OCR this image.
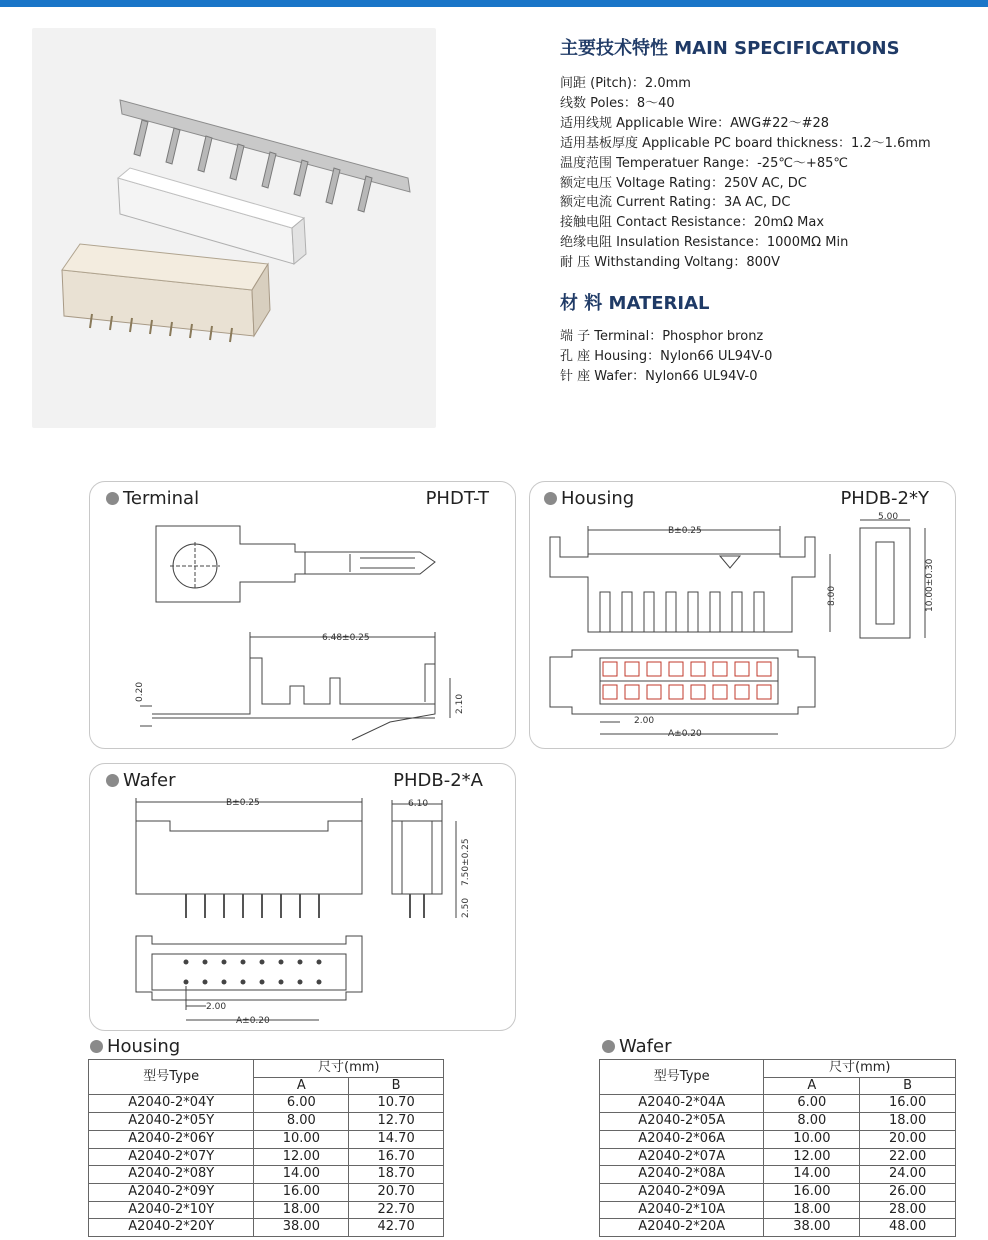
主要技术特性 MAIN SPECIFICATIONS
间距 (Pitch)：2.0mm
线数 Poles：8～40
适用线规 Applicable Wire：AWG#22～#28
适用基板厚度 Applicable PC board thickness：1.2～1.6mm
温度范围 Temperatuer Range：-25℃～+85℃
额定电压 Voltage Rating：250V AC, DC
额定电流 Current Rating：3A AC, DC
接触电阻 Contact Resistance：20mΩ Max
绝缘电阻 Insulation Resistance：1000MΩ Min
耐 压 Withstanding Voltang：800V
材 料 MATERIAL
端 子 Terminal：Phosphor bronz
孔 座 Housing：Nylon66 UL94V-0
针 座 Wafer：Nylon66 UL94V-0
Terminal	PHDT-T
6.48±0.25
0.20
2.10
Housing	PHDB-2*Y
B±0.25
5.00
8.00	10.00±0.30
2.00
A±0.20
Wafer	PHDB-2*A
B±0.25	6.10
7.50±0.25
2.50
2.00
A±0.20
Housing
型号Type	尺寸(mm)	
	A	B
A2040-2*04Y	6.00	10.70
A2040-2*05Y	8.00	12.70
A2040-2*06Y	10.00	14.70
A2040-2*07Y	12.00	16.70
A2040-2*08Y	14.00	18.70
A2040-2*09Y	16.00	20.70
A2040-2*10Y	18.00	22.70
A2040-2*20Y	38.00	42.70
Wafer
型号Type	尺寸(mm)	
	A	B
A2040-2*04A	6.00	16.00
A2040-2*05A	8.00	18.00
A2040-2*06A	10.00	20.00
A2040-2*07A	12.00	22.00
A2040-2*08A	14.00	24.00
A2040-2*09A	16.00	26.00
A2040-2*10A	18.00	28.00
A2040-2*20A	38.00	48.00
